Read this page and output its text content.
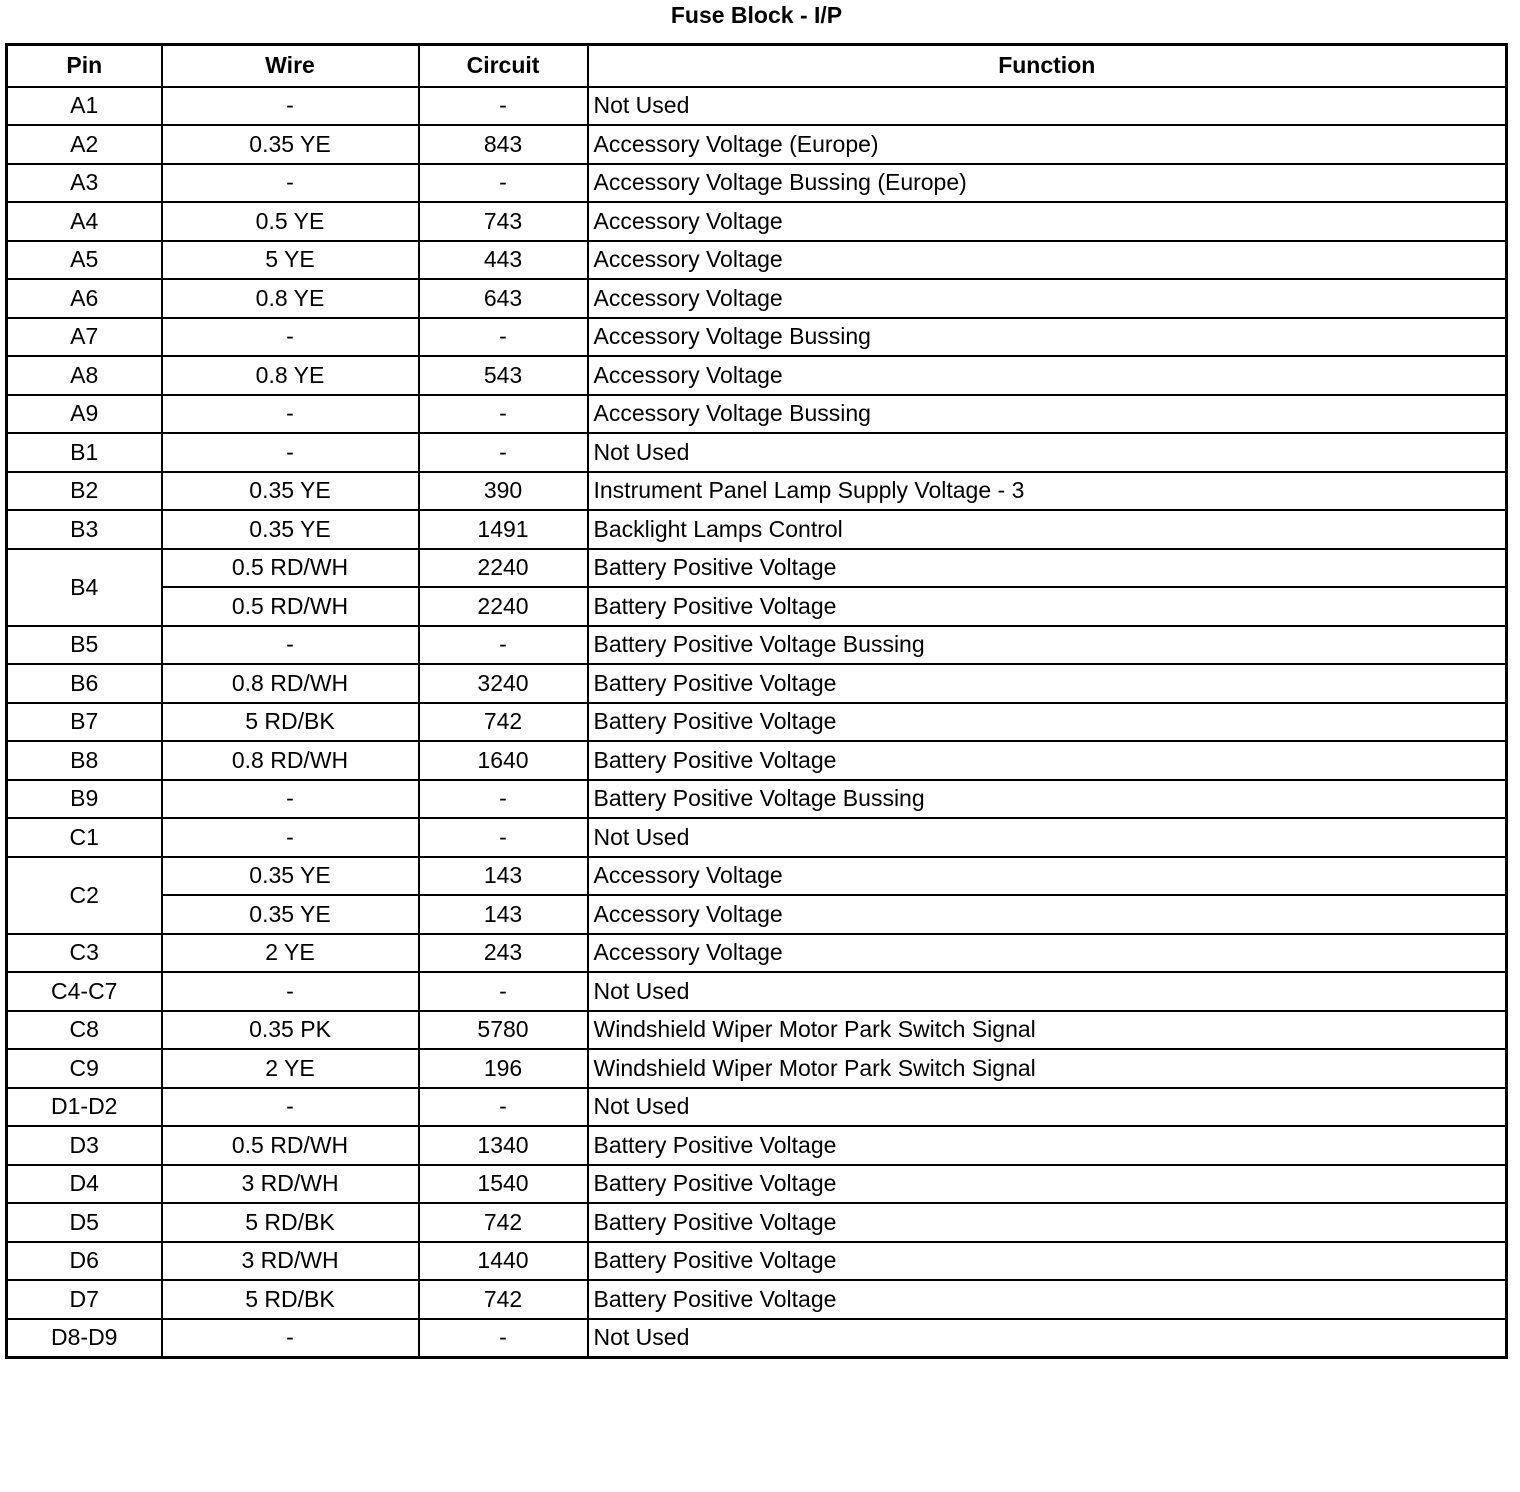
Fuse Block - I/P
Pin	Wire	Circuit	Function
A1	-	-	Not Used
A2	0.35 YE	843	Accessory Voltage (Europe)
A3	-	-	Accessory Voltage Bussing (Europe)
A4	0.5 YE	743	Accessory Voltage
A5	5 YE	443	Accessory Voltage
A6	0.8 YE	643	Accessory Voltage
A7	-	-	Accessory Voltage Bussing
A8	0.8 YE	543	Accessory Voltage
A9	-	-	Accessory Voltage Bussing
B1	-	-	Not Used
B2	0.35 YE	390	Instrument Panel Lamp Supply Voltage - 3
B3	0.35 YE	1491	Backlight Lamps Control
B4	0.5 RD/WH	2240	Battery Positive Voltage
	0.5 RD/WH	2240	Battery Positive Voltage
B5	-	-	Battery Positive Voltage Bussing
B6	0.8 RD/WH	3240	Battery Positive Voltage
B7	5 RD/BK	742	Battery Positive Voltage
B8	0.8 RD/WH	1640	Battery Positive Voltage
B9	-	-	Battery Positive Voltage Bussing
C1	-	-	Not Used
C2	0.35 YE	143	Accessory Voltage
	0.35 YE	143	Accessory Voltage
C3	2 YE	243	Accessory Voltage
C4-C7	-	-	Not Used
C8	0.35 PK	5780	Windshield Wiper Motor Park Switch Signal
C9	2 YE	196	Windshield Wiper Motor Park Switch Signal
D1-D2	-	-	Not Used
D3	0.5 RD/WH	1340	Battery Positive Voltage
D4	3 RD/WH	1540	Battery Positive Voltage
D5	5 RD/BK	742	Battery Positive Voltage
D6	3 RD/WH	1440	Battery Positive Voltage
D7	5 RD/BK	742	Battery Positive Voltage
D8-D9	-	-	Not Used
